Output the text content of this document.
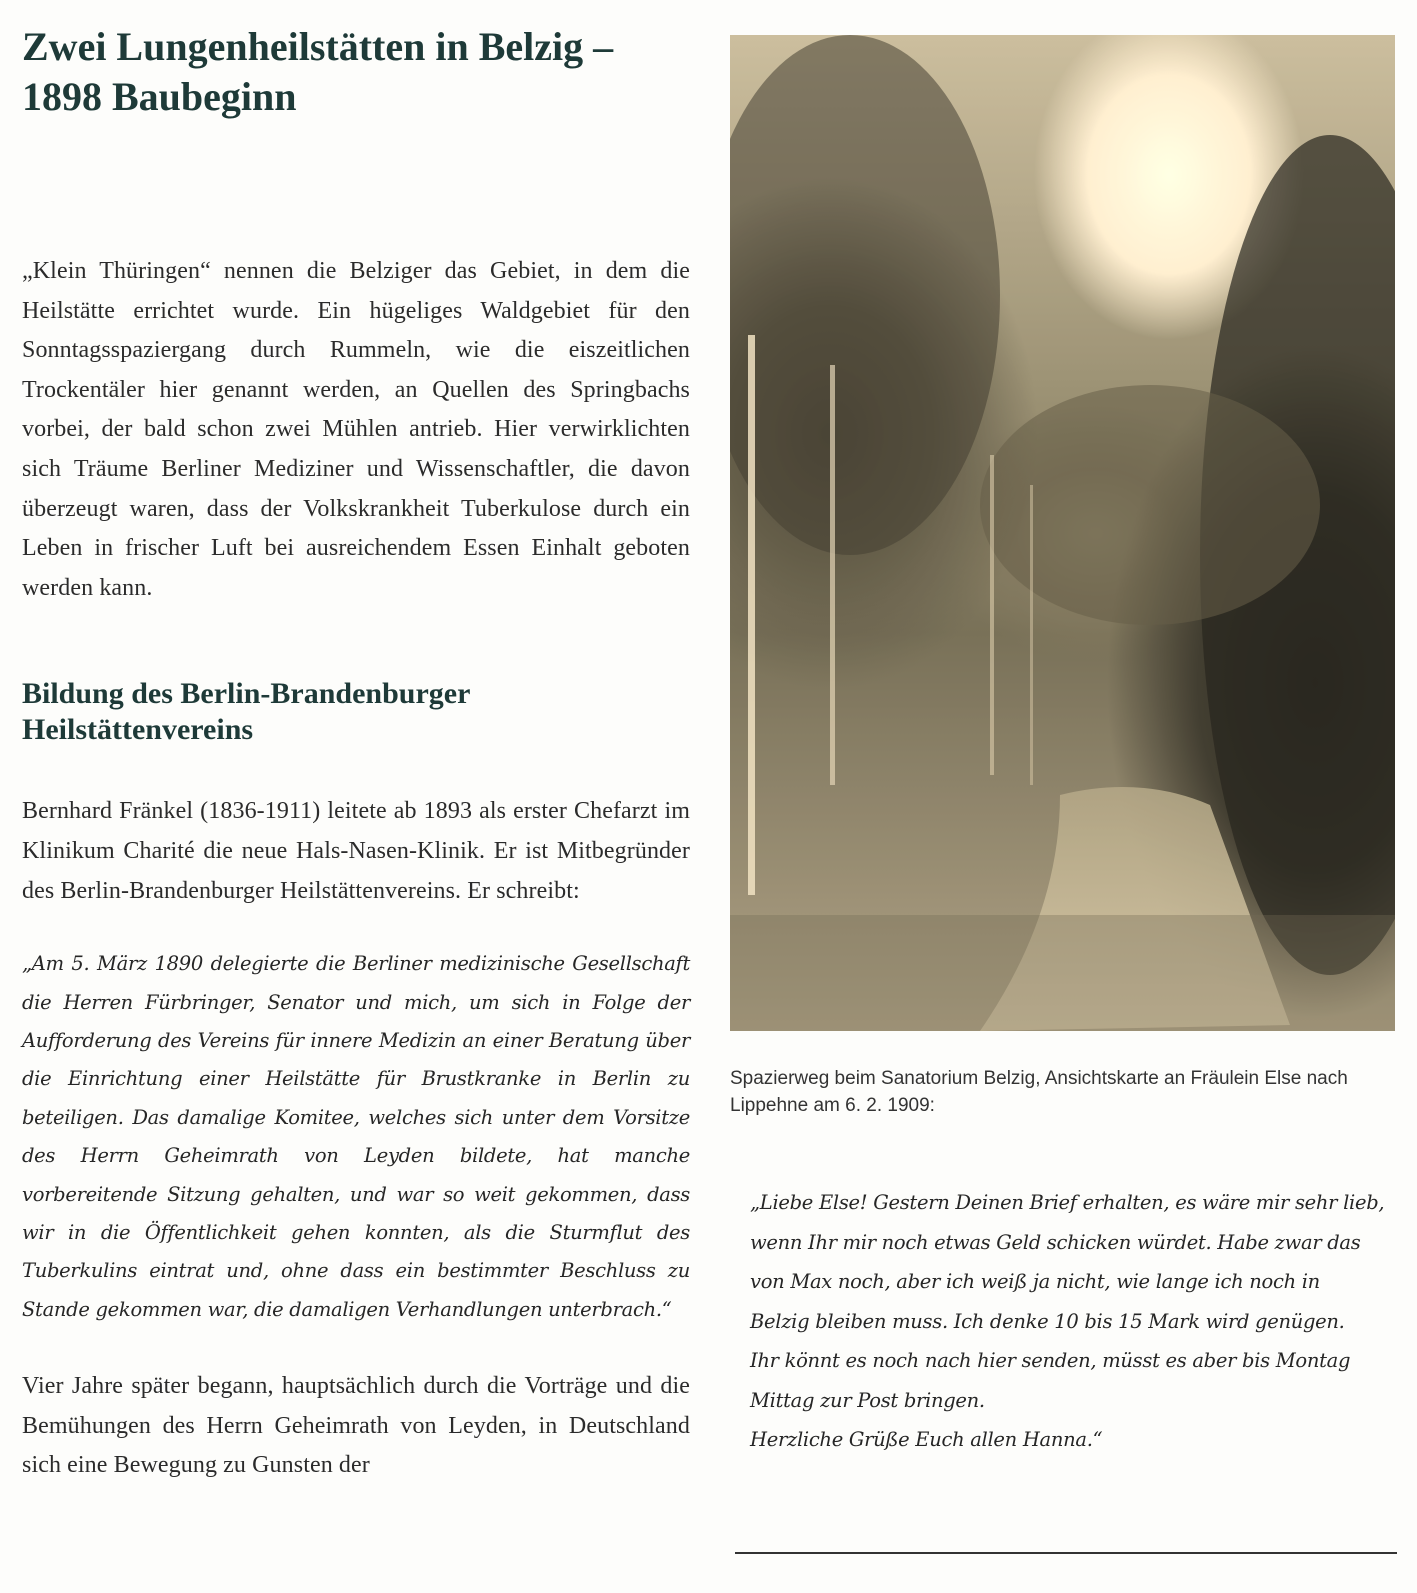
Zwei Lungenheilstätten in Belzig – 1898 Baubeginn

„Klein Thüringen“ nennen die Belziger das Gebiet, in dem die Heilstätte errichtet wurde. Ein hügeliges Waldgebiet für den Sonntagsspaziergang durch Rummeln, wie die eiszeitlichen Trockentäler hier genannt werden, an Quellen des Springbachs vorbei, der bald schon zwei Mühlen antrieb. Hier verwirklichten sich Träume Berliner Mediziner und Wissenschaftler, die davon überzeugt waren, dass der Volkskrankheit Tuberkulose durch ein Leben in frischer Luft bei ausreichendem Essen Einhalt geboten werden kann.

Bildung des Berlin-Brandenburger Heilstättenvereins

Bernhard Fränkel (1836-1911) leitete ab 1893 als erster Chefarzt im Klinikum Charité die neue Hals-Nasen-Klinik. Er ist Mitbegründer des Berlin-Brandenburger Heilstättenvereins. Er schreibt:

„Am 5. März 1890 delegierte die Berliner medizinische Gesellschaft die Herren Fürbringer, Senator und mich, um sich in Folge der Aufforderung des Vereins für innere Medizin an einer Beratung über die Einrichtung einer Heilstätte für Brustkranke in Berlin zu beteiligen. Das damalige Komitee, welches sich unter dem Vorsitze des Herrn Geheimrath von Leyden bildete, hat manche vorbereitende Sitzung gehalten, und war so weit gekommen, dass wir in die Öffentlichkeit gehen konnten, als die Sturmflut des Tuberkulins eintrat und, ohne dass ein bestimmter Beschluss zu Stande gekommen war, die damaligen Verhandlungen unterbrach.“

Vier Jahre später begann, hauptsächlich durch die Vorträge und die Bemühungen des Herrn Geheimrath von Leyden, in Deutschland sich eine Bewegung zu Gunsten der

Spazierweg beim Sanatorium Belzig, Ansichtskarte an Fräulein Else nach Lippehne am 6. 2. 1909:

„Liebe Else! Gestern Deinen Brief erhalten, es wäre mir sehr lieb,
wenn Ihr mir noch etwas Geld schicken würdet. Habe zwar das
von Max noch, aber ich weiß ja nicht, wie lange ich noch in
Belzig bleiben muss. Ich denke 10 bis 15 Mark wird genügen.
Ihr könnt es noch nach hier senden, müsst es aber bis Montag
Mittag zur Post bringen.
Herzliche Grüße Euch allen Hanna.“
